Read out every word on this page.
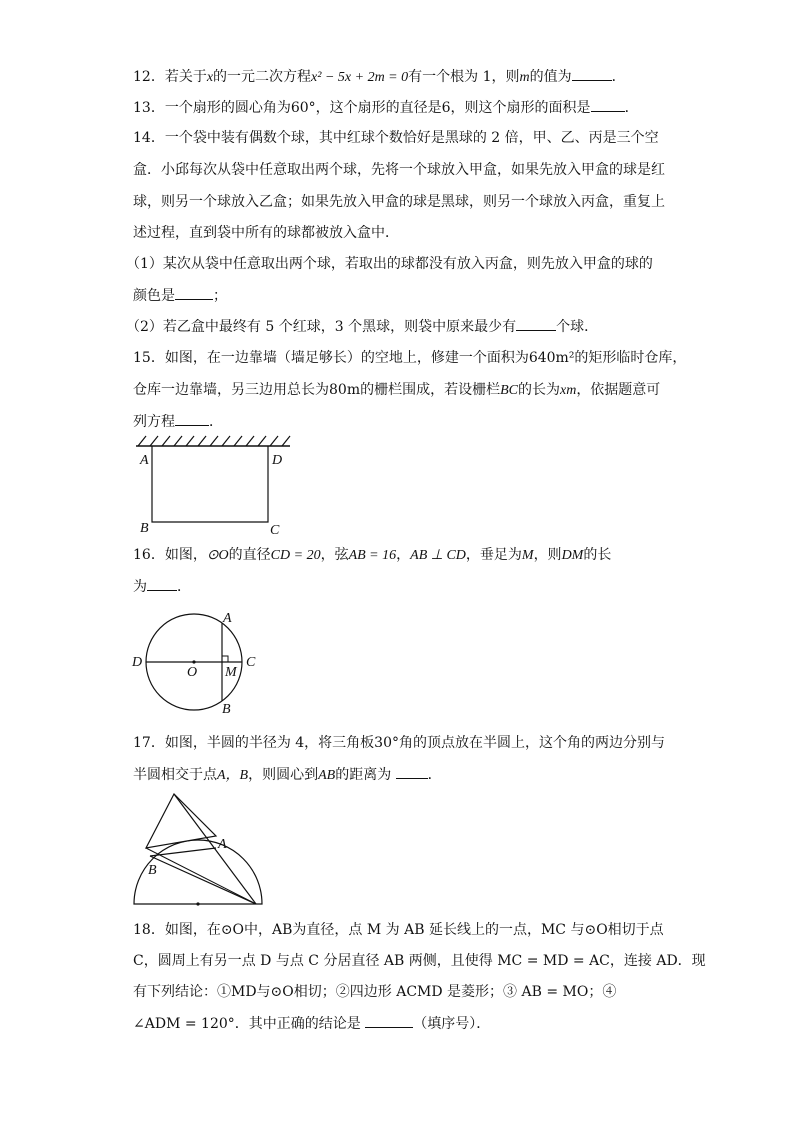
12．若关于x的一元二次方程x² − 5x + 2m = 0有一个根为 1，则m的值为	．
13．一个扇形的圆心角为60°，这个扇形的直径是6，则这个扇形的面积是 ．
14．一个袋中装有偶数个球，其中红球个数恰好是黑球的 2 倍，甲、乙、丙是三个空
盒．小邱每次从袋中任意取出两个球，先将一个球放入甲盒，如果先放入甲盒的球是红
球，则另一个球放入乙盒；如果先放入甲盒的球是黑球，则另一个球放入丙盒，重复上
述过程，直到袋中所有的球都被放入盒中．
（1）某次从袋中任意取出两个球，若取出的球都没有放入丙盒，则先放入甲盒的球的
颜色是	；
（2）若乙盒中最终有 5 个红球，3 个黑球，则袋中原来最少有	个球．
15．如图，在一边靠墙（墙足够长）的空地上，修建一个面积为640m²的矩形临时仓库，
仓库一边靠墙，另三边用总长为80m的栅栏围成，若设栅栏BC的长为xm，依据题意可
列方程 ．
A	D
B	C
16．如图，⊙O的直径CD = 20，弦AB = 16，AB ⊥ CD，垂足为M，则DM的长
为 ．
D	C
O M
A
B
17．如图，半圆的半径为 4，将三角板30°角的顶点放在半圆上，这个角的两边分别与
半圆相交于点A，B，则圆心到AB的距离为	．
A
B
18．如图，在⊙O中，AB为直径，点 M 为 AB 延长线上的一点，MC 与⊙O相切于点
C，圆周上有另一点 D 与点 C 分居直径 AB 两侧，且使得 MC = MD = AC，连接 AD．现
有下列结论：①MD与⊙O相切；②四边形 ACMD 是菱形；③ AB = MO；④
∠ADM = 120°．其中正确的结论是	（填序号）．
